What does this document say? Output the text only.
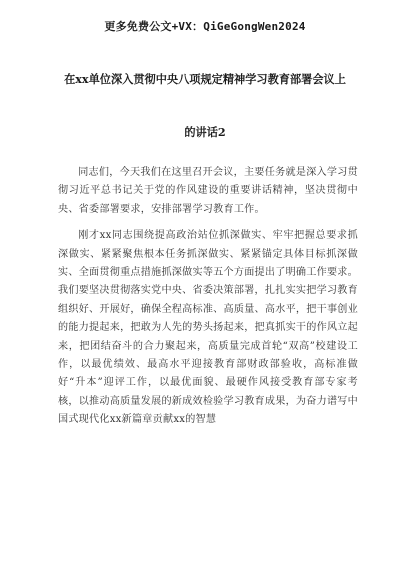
更多免费公文+VX：QiGeGongWen2024
在xx单位深入贯彻中央八项规定精神学习教育部署会议上
的讲话2

同志们，今天我们在这里召开会议，主要任务就是深入学习贯彻习近平总书记关于党的作风建设的重要讲话精神，坚决贯彻中央、省委部署要求，安排部署学习教育工作。

刚才xx同志围绕提高政治站位抓深做实、牢牢把握总要求抓深做实、紧紧聚焦根本任务抓深做实、紧紧锚定具体目标抓深做实、全面贯彻重点措施抓深做实等五个方面提出了明确工作要求。我们要坚决贯彻落实党中央、省委决策部署，扎扎实实把学习教育组织好、开展好，确保全程高标准、高质量、高水平，把干事创业的能力提起来，把敢为人先的势头扬起来，把真抓实干的作风立起来，把团结奋斗的合力聚起来，高质量完成首轮“双高”校建设工作，以最优绩效、最高水平迎接教育部财政部验收，高标准做好“升本”迎评工作，以最优面貌、最硬作风接受教育部专家考核，以推动高质量发展的新成效检验学习教育成果，为奋力谱写中国式现代化xx新篇章贡献xx的智慧
